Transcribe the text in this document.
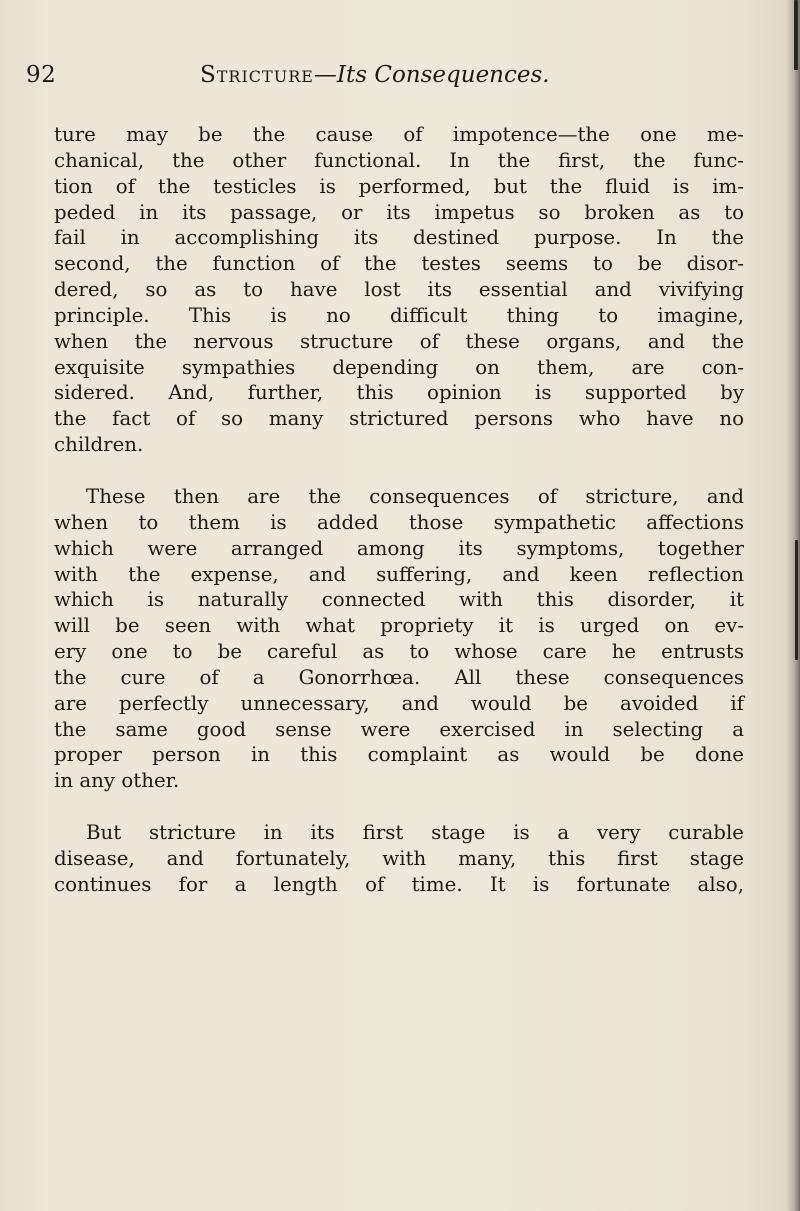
92	Stricture—Its Consequences.
ture may be the cause of impotence—the one me-
chanical, the other functional. In the first, the func-
tion of the testicles is performed, but the fluid is im-
peded in its passage, or its impetus so broken as to
fail in accomplishing its destined purpose. In the
second, the function of the testes seems to be disor-
dered, so as to have lost its essential and vivifying
principle. This is no difficult thing to imagine,
when the nervous structure of these organs, and the
exquisite sympathies depending on them, are con-
sidered. And, further, this opinion is supported by
the fact of so many strictured persons who have no
children.
These then are the consequences of stricture, and
when to them is added those sympathetic affections
which were arranged among its symptoms, together
with the expense, and suffering, and keen reflection
which is naturally connected with this disorder, it
will be seen with what propriety it is urged on ev-
ery one to be careful as to whose care he entrusts
the cure of a Gonorrhœa. All these consequences
are perfectly unnecessary, and would be avoided if
the same good sense were exercised in selecting a
proper person in this complaint as would be done
in any other.
But stricture in its first stage is a very curable
disease, and fortunately, with many, this first stage
continues for a length of time. It is fortunate also,
